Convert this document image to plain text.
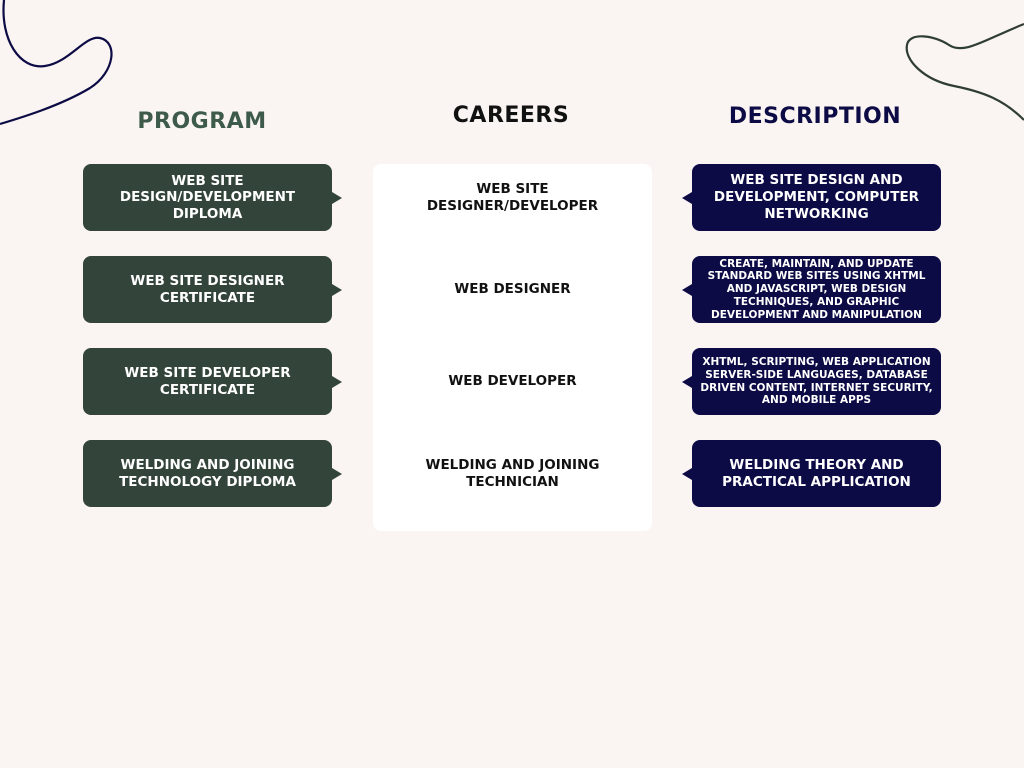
PROGRAM	CAREERS	DESCRIPTION
WEB SITE DESIGN/DEVELOPMENT DIPLOMA
WEB SITE DESIGNER/DEVELOPER
WEB SITE DESIGN AND DEVELOPMENT, COMPUTER NETWORKING
WEB SITE DESIGNER CERTIFICATE
WEB DESIGNER
CREATE, MAINTAIN, AND UPDATE STANDARD WEB SITES USING XHTML AND JAVASCRIPT, WEB DESIGN TECHNIQUES, AND GRAPHIC DEVELOPMENT AND MANIPULATION
WEB SITE DEVELOPER CERTIFICATE
WEB DEVELOPER
XHTML, SCRIPTING, WEB APPLICATION SERVER-SIDE LANGUAGES, DATABASE DRIVEN CONTENT, INTERNET SECURITY, AND MOBILE APPS
WELDING AND JOINING TECHNOLOGY DIPLOMA
WELDING AND JOINING TECHNICIAN
WELDING THEORY AND PRACTICAL APPLICATION
